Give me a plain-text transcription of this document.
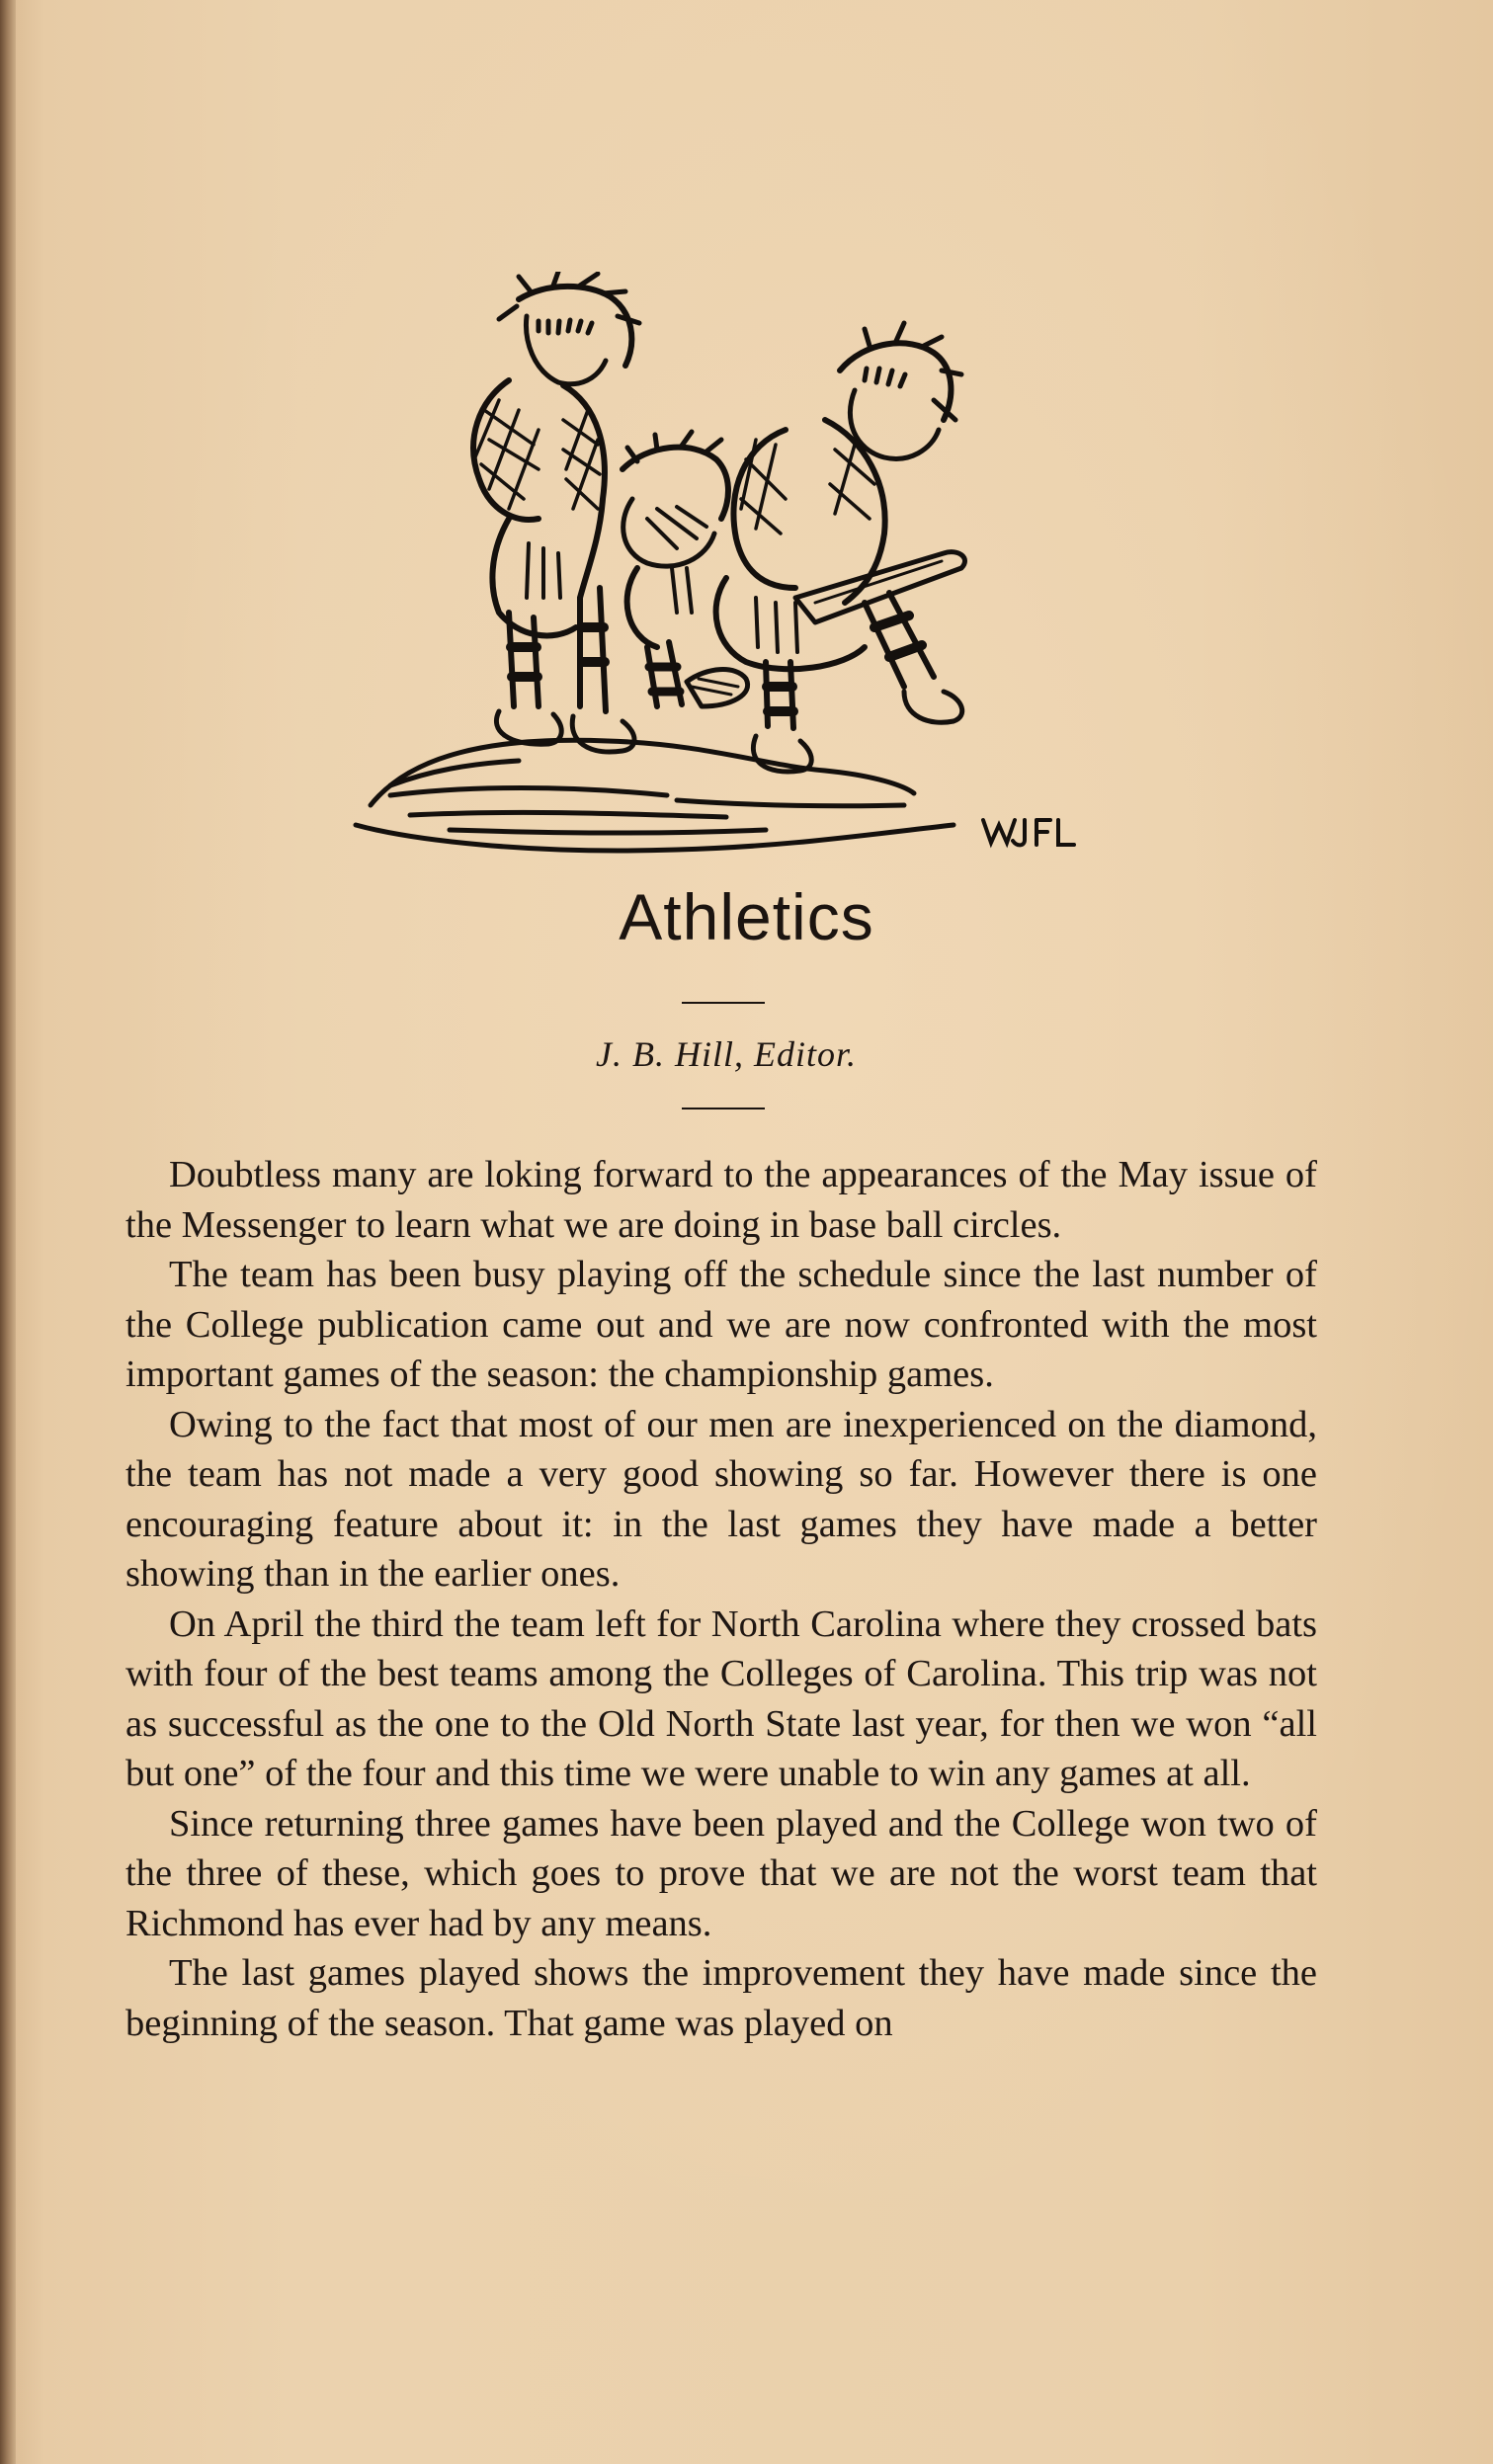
Athletics
J. B. Hill, Editor.

Doubtless many are loking forward to the appearances of the May issue of the Messenger to learn what we are doing in base ball circles.

The team has been busy playing off the schedule since the last number of the College publication came out and we are now confronted with the most important games of the season: the championship games.

Owing to the fact that most of our men are inexperienced on the diamond, the team has not made a very good showing so far. However there is one encouraging feature about it: in the last games they have made a better showing than in the earlier ones.

On April the third the team left for North Carolina where they crossed bats with four of the best teams among the Colleges of Carolina. This trip was not as successful as the one to the Old North State last year, for then we won “all but one” of the four and this time we were unable to win any games at all.

Since returning three games have been played and the College won two of the three of these, which goes to prove that we are not the worst team that Richmond has ever had by any means.

The last games played shows the improvement they have made since the beginning of the season. That game was played on
